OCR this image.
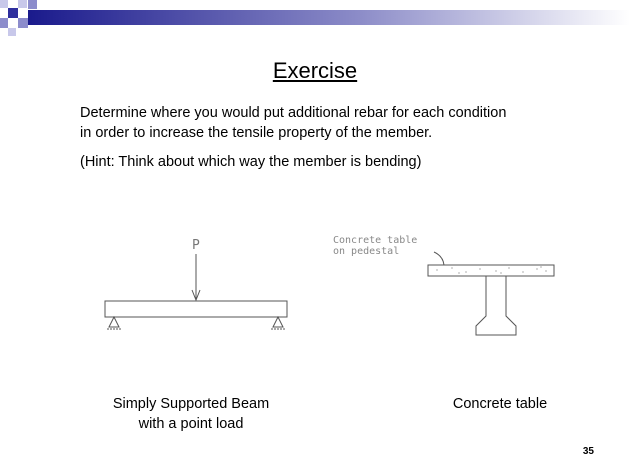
Exercise
Determine where you would put additional rebar for each condition
in order to increase the tensile property of the member.
(Hint: Think about which way the member is bending)
P	Concrete table
on pedestal
Simply Supported Beam
with a point load
Concrete table
35
